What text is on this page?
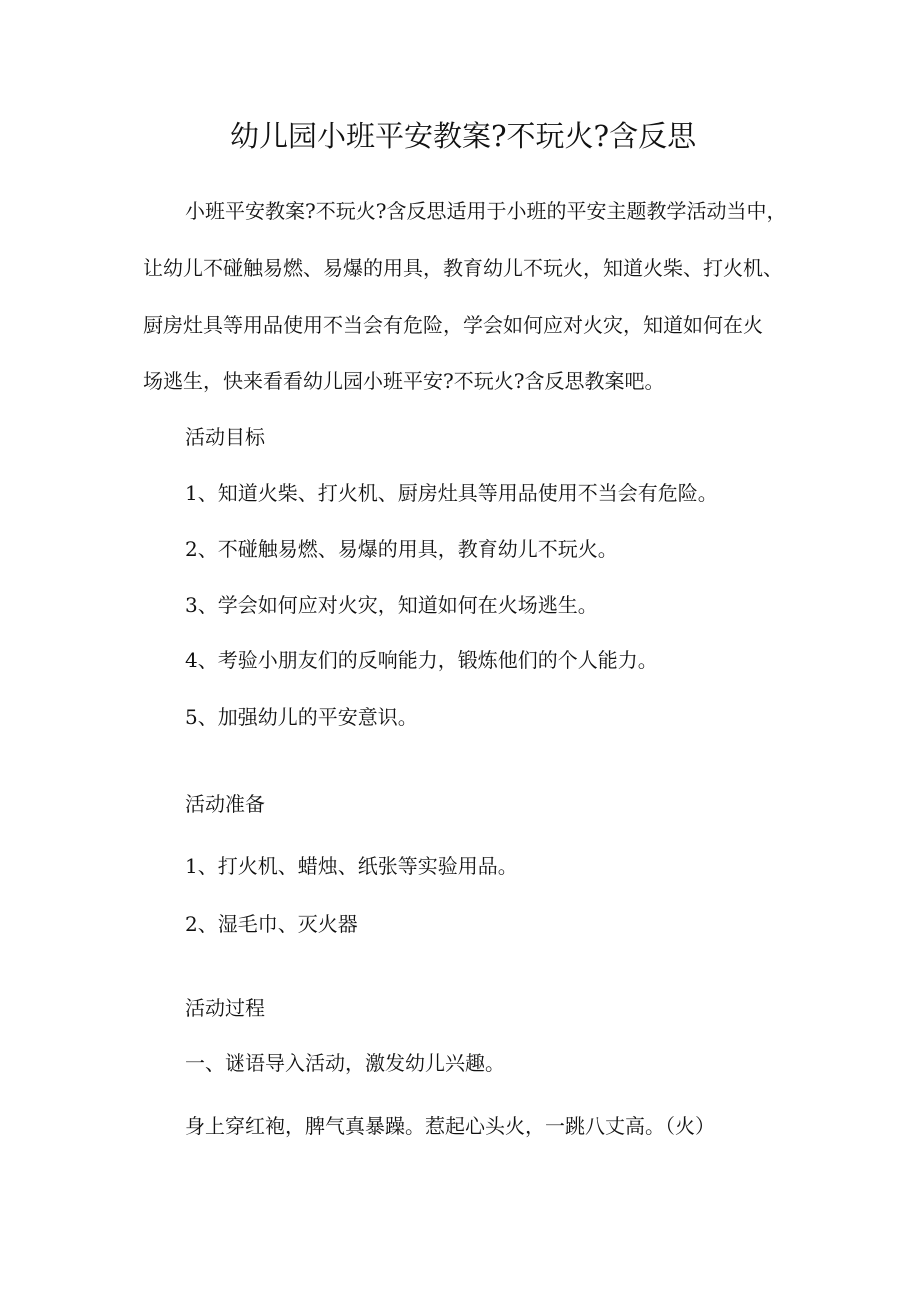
幼儿园小班平安教案?不玩火?含反思
小班平安教案?不玩火?含反思适用于小班的平安主题教学活动当中，
让幼儿不碰触易燃、易爆的用具，教育幼儿不玩火，知道火柴、打火机、
厨房灶具等用品使用不当会有危险，学会如何应对火灾，知道如何在火
场逃生，快来看看幼儿园小班平安?不玩火?含反思教案吧。
活动目标
1、知道火柴、打火机、厨房灶具等用品使用不当会有危险。
2、不碰触易燃、易爆的用具，教育幼儿不玩火。
3、学会如何应对火灾，知道如何在火场逃生。
4、考验小朋友们的反响能力，锻炼他们的个人能力。
5、加强幼儿的平安意识。
活动准备
1、打火机、蜡烛、纸张等实验用品。
2、湿毛巾、灭火器
活动过程
一、谜语导入活动，激发幼儿兴趣。
身上穿红袍，脾气真暴躁。惹起心头火，一跳八丈高。（火）
